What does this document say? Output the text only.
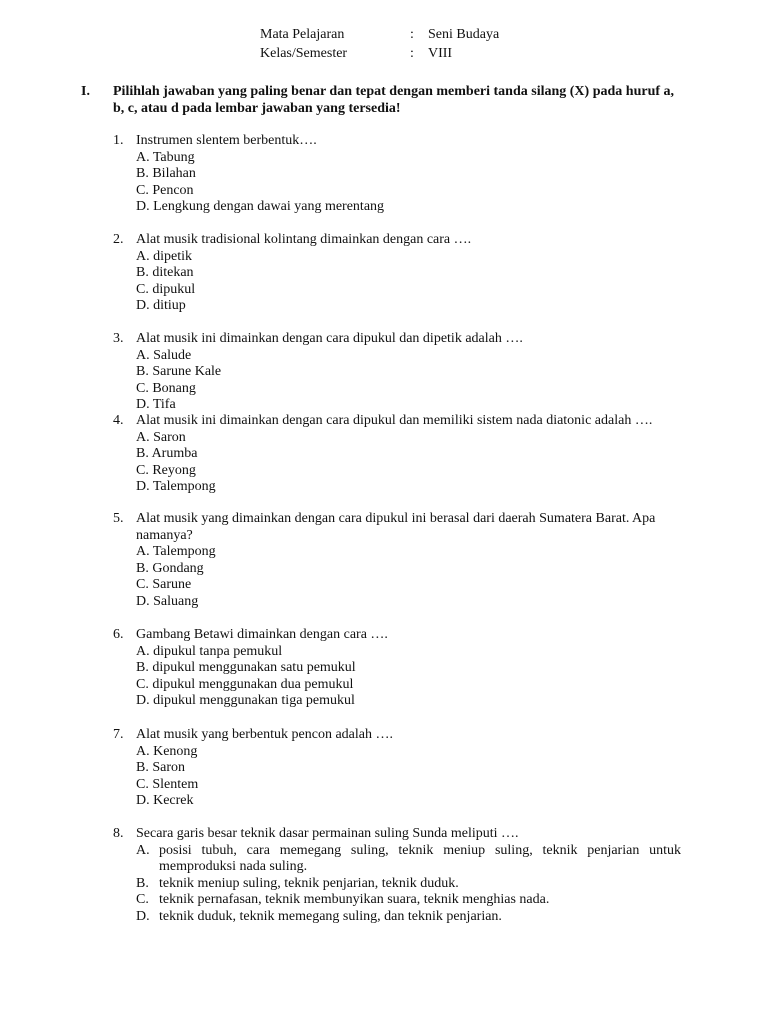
Mata Pelajaran	: Seni Budaya
Kelas/Semester	: VIII
I. Pilihlah jawaban yang paling benar dan tepat dengan memberi tanda silang (X) pada huruf a, b, c, atau d pada lembar jawaban yang tersedia!
1. Instrumen slentem berbentuk….
A. Tabung
B. Bilahan
C. Pencon
D. Lengkung dengan dawai yang merentang
2. Alat musik tradisional kolintang dimainkan dengan cara ….
A. dipetik
B. ditekan
C. dipukul
D. ditiup
3. Alat musik ini dimainkan dengan cara dipukul dan dipetik adalah ….
A. Salude
B. Sarune Kale
C. Bonang
D. Tifa
4. Alat musik ini dimainkan dengan cara dipukul dan memiliki sistem nada diatonic adalah ….
A. Saron
B. Arumba
C. Reyong
D. Talempong
5. Alat musik yang dimainkan dengan cara dipukul ini berasal dari daerah Sumatera Barat. Apa namanya?
A. Talempong
B. Gondang
C. Sarune
D. Saluang
6. Gambang Betawi dimainkan dengan cara ….
A. dipukul tanpa pemukul
B. dipukul menggunakan satu pemukul
C. dipukul menggunakan dua pemukul
D. dipukul menggunakan tiga pemukul
7. Alat musik yang berbentuk pencon adalah ….
A. Kenong
B. Saron
C. Slentem
D. Kecrek
8. Secara garis besar teknik dasar permainan suling Sunda meliputi ….
A. posisi tubuh, cara memegang suling, teknik meniup suling, teknik penjarian untuk memproduksi nada suling.
B. teknik meniup suling, teknik penjarian, teknik duduk.
C. teknik pernafasan, teknik membunyikan suara, teknik menghias nada.
D. teknik duduk, teknik memegang suling, dan teknik penjarian.
